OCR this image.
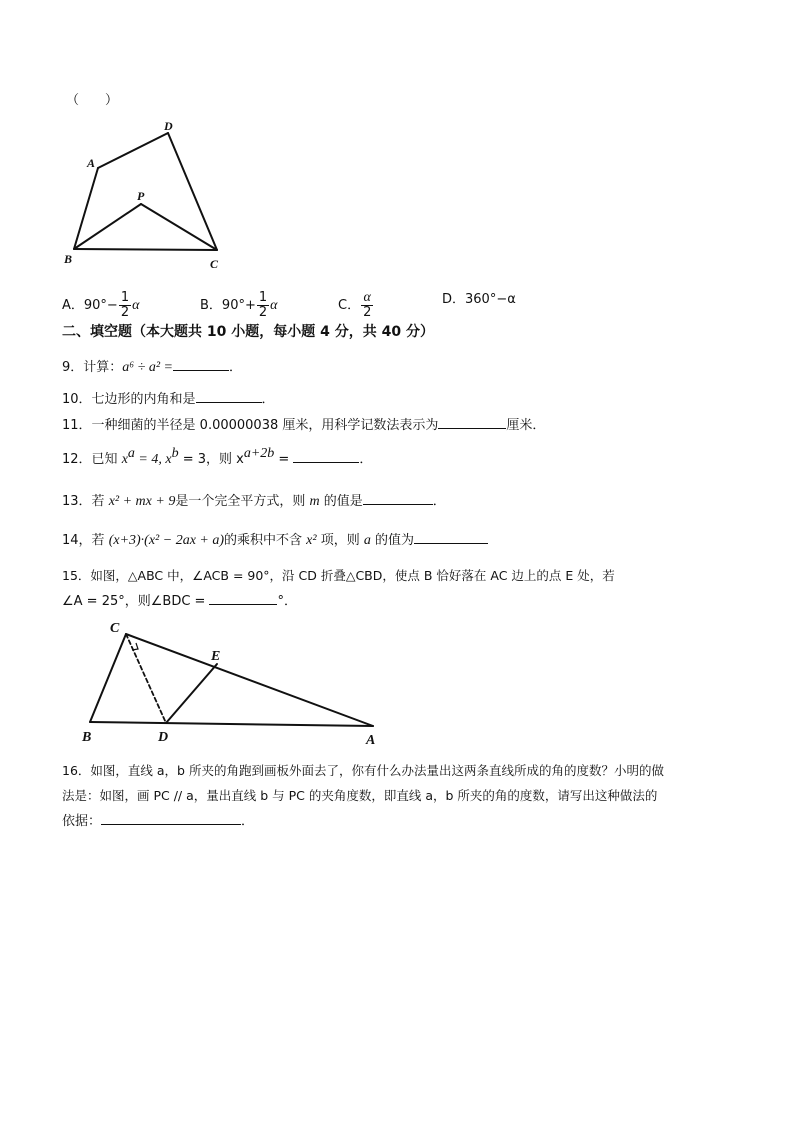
（　　）
A
D
P
B	C
A．$90^\circ- \frac{1}{2}$ α	B．$90^\circ+ \frac{1}{2}$ α	C． $\frac{\alpha}{2}$	D．360°−α
二、填空题（本大题共 10 小题，每小题 4 分，共 40 分）
9．计算：a⁶ ÷ a² =	．
10．七边形的内角和是	．
11．一种细菌的半径是 0.00000038 厘米，用科学记数法表示为	厘米．
12．已知 $x^a = 4$, $x^b = 3$，则 $x^{a+2b}$ =	．
13．若 x² + mx + 9是一个完全平方式，则 m 的值是	．
14，若 (x+3)·(x² − 2ax + a)的乘积中不含 x² 项，则 a 的值为
15．如图，△ABC 中，∠ACB = 90°，沿 CD 折叠△CBD，使点 B 恰好落在 AC 边上的点 E 处，若
∠A = 25°，则∠BDC =	°．
C
E
B	D	A
16．如图，直线 a，b 所夹的角跑到画板外面去了，你有什么办法量出这两条直线所成的角的度数？小明的做
法是：如图，画 PC // a，量出直线 b 与 PC 的夹角度数，即直线 a，b 所夹的角的度数，请写出这种做法的
依据：	．
